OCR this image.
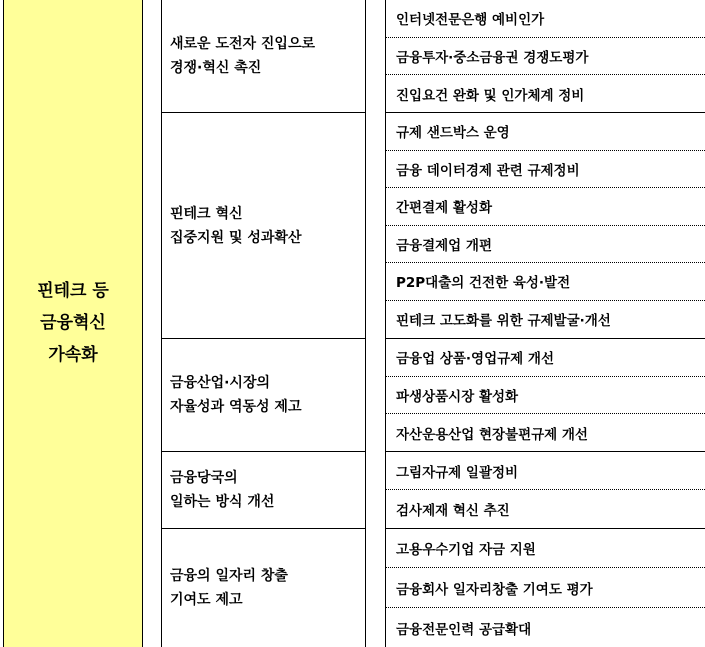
핀테크 등
금융혁신
가속화
새로운 도전자 진입으로
경쟁·혁신 촉진
핀테크 혁신
집중지원 및 성과확산
금융산업·시장의
자율성과 역동성 제고
금융당국의
일하는 방식 개선
금융의 일자리 창출
기여도 제고
인터넷전문은행 예비인가
금융투자·중소금융권 경쟁도평가
진입요건 완화 및 인가체계 정비
규제 샌드박스 운영
금융 데이터경제 관련 규제정비
간편결제 활성화
금융결제업 개편
P2P대출의 건전한 육성·발전
핀테크 고도화를 위한 규제발굴·개선
금융업 상품·영업규제 개선
파생상품시장 활성화
자산운용산업 현장불편규제 개선
그림자규제 일괄정비
검사제재 혁신 추진
고용우수기업 자금 지원
금융회사 일자리창출 기여도 평가
금융전문인력 공급확대
